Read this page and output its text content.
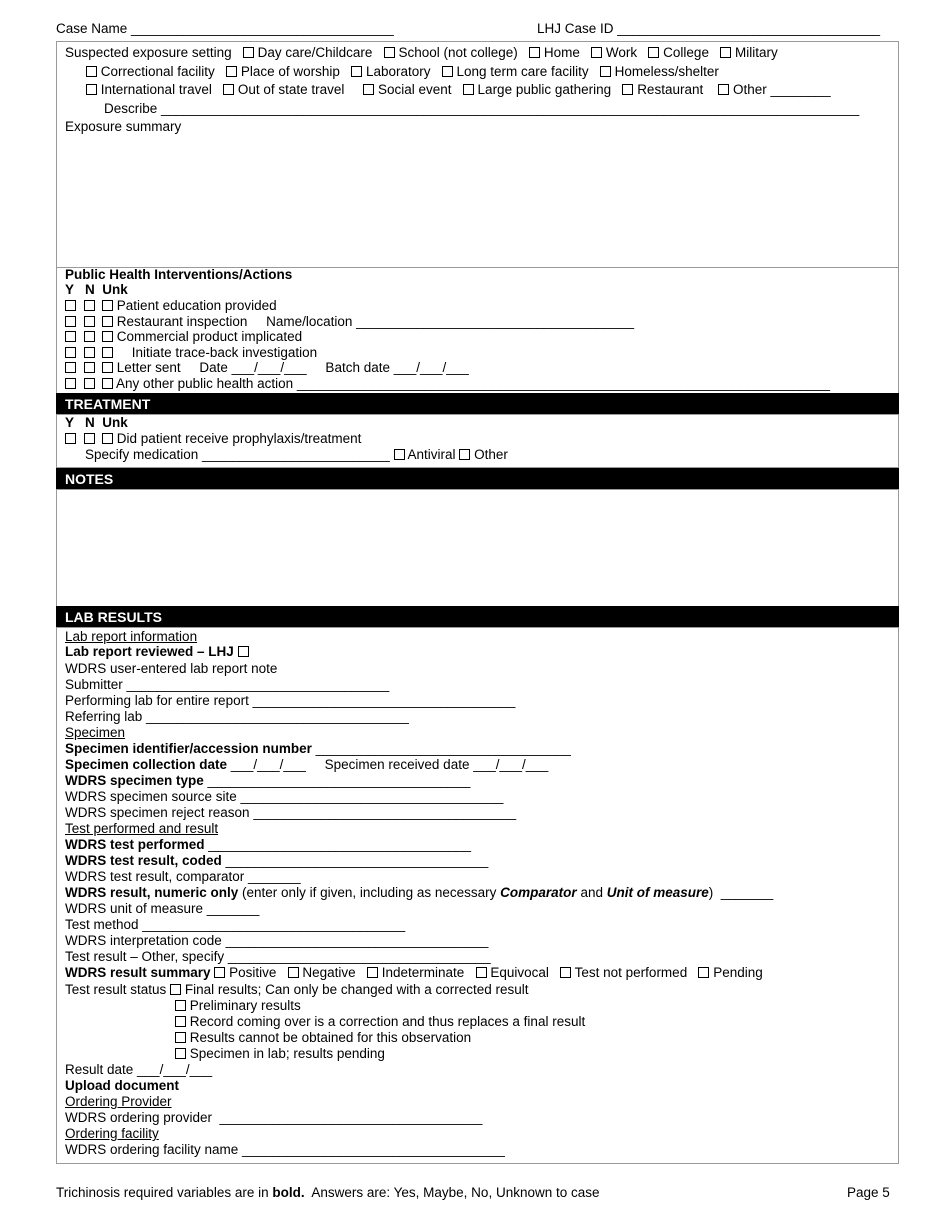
Case Name ___________________________________	LHJ Case ID ___________________________________
Suspected exposure setting Day care/Childcare School (not college) Home Work College Military
Correctional facility Place of worship Laboratory Long term care facility Homeless/shelter
International travel Out of state travel Social event Large public gathering Restaurant Other ________
Describe _____________________________________________________________________________________________
Exposure summary
Public Health Interventions/Actions
Y   N  Unk
Patient education provided
Restaurant inspection     Name/location _____________________________________
Commercial product implicated
Initiate trace-back investigation
Letter sent     Date ___/___/___     Batch date ___/___/___
Any other public health action _______________________________________________________________________
TREATMENT
Y   N  Unk
Did patient receive prophylaxis/treatment
Specify medication _________________________ Antiviral Other
NOTES
LAB RESULTS
Lab report information
Lab report reviewed – LHJ
WDRS user-entered lab report note
Submitter ___________________________________
Performing lab for entire report ___________________________________
Referring lab ___________________________________
Specimen
Specimen identifier/accession number __________________________________
Specimen collection date ___/___/___     Specimen received date ___/___/___
WDRS specimen type ___________________________________
WDRS specimen source site ___________________________________
WDRS specimen reject reason ___________________________________
Test performed and result
WDRS test performed ___________________________________
WDRS test result, coded ___________________________________
WDRS test result, comparator _______
WDRS result, numeric only (enter only if given, including as necessary Comparator and Unit of measure)  _______
WDRS unit of measure _______
Test method ___________________________________
WDRS interpretation code ___________________________________
Test result – Other, specify ___________________________________
WDRS result summary Positive Negative Indeterminate Equivocal Test not performed Pending
Test result status Final results; Can only be changed with a corrected result
Preliminary results
Record coming over is a correction and thus replaces a final result
Results cannot be obtained for this observation
Specimen in lab; results pending
Result date ___/___/___
Upload document
Ordering Provider
WDRS ordering provider  ___________________________________
Ordering facility
WDRS ordering facility name ___________________________________
Trichinosis required variables are in bold.  Answers are: Yes, Maybe, No, Unknown to case	Page 5
